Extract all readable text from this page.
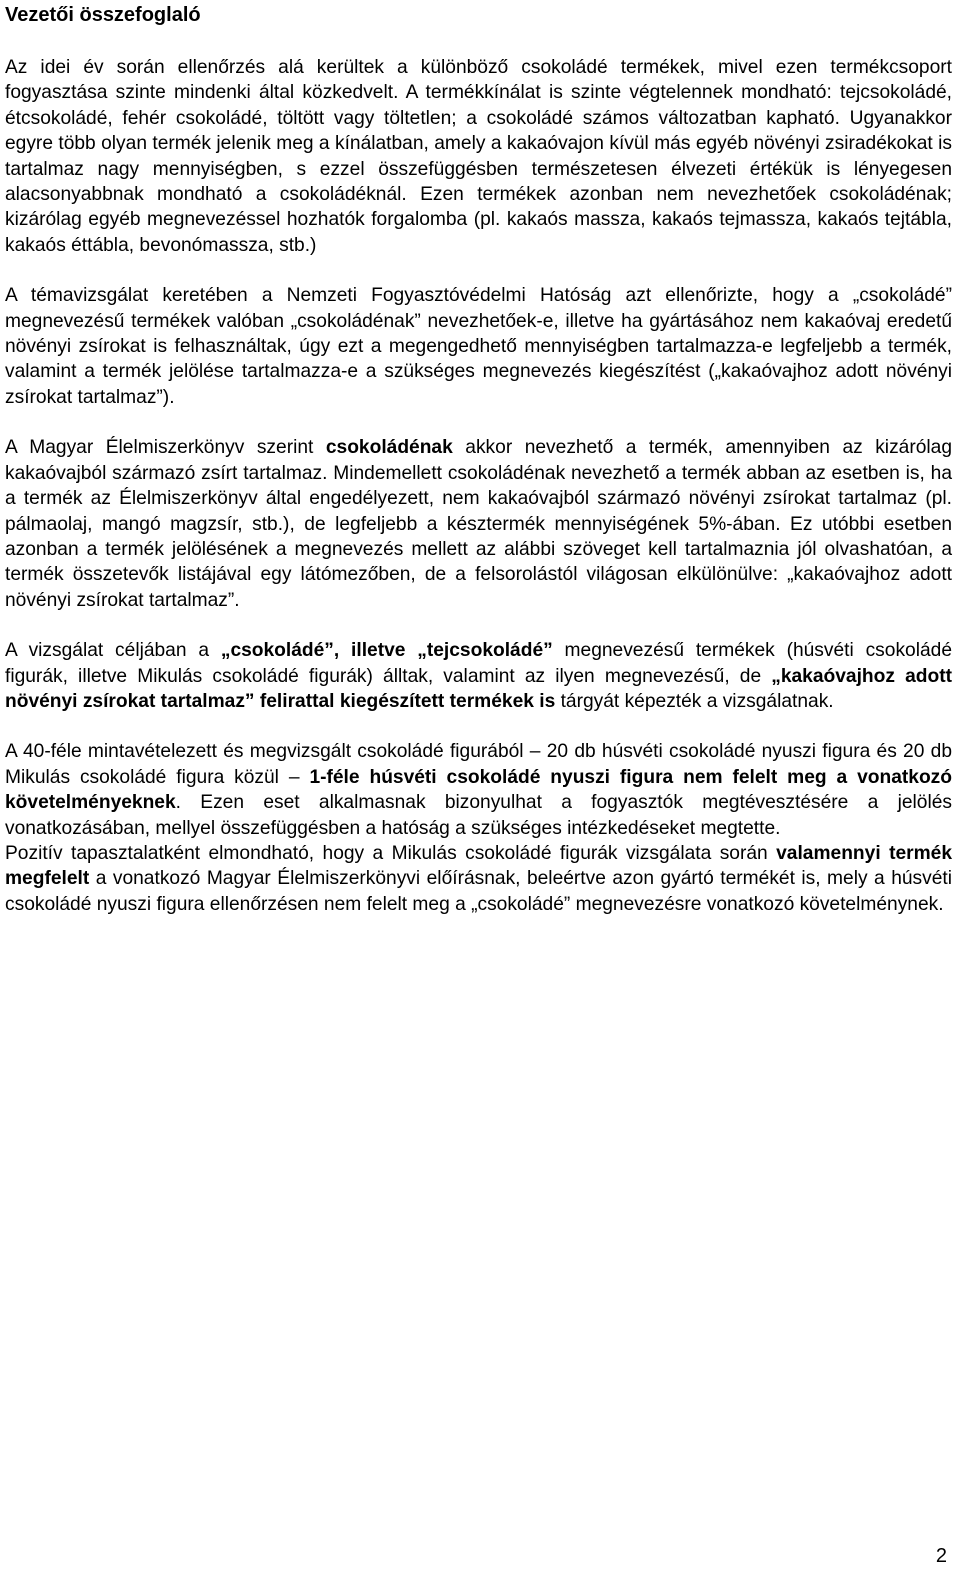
Vezetői összefoglaló

Az idei év során ellenőrzés alá kerültek a különböző csokoládé termékek, mivel ezen termékcsoport fogyasztása szinte mindenki által közkedvelt. A termékkínálat is szinte végtelennek mondható: tejcsokoládé, étcsokoládé, fehér csokoládé, töltött vagy töltetlen; a csokoládé számos változatban kapható. Ugyanakkor egyre több olyan termék jelenik meg a kínálatban, amely a kakaóvajon kívül más egyéb növényi zsiradékokat is tartalmaz nagy mennyiségben, s ezzel összefüggésben természetesen élvezeti értékük is lényegesen alacsonyabbnak mondható a csokoládéknál. Ezen termékek azonban nem nevezhetőek csokoládénak; kizárólag egyéb megnevezéssel hozhatók forgalomba (pl. kakaós massza, kakaós tejmassza, kakaós tejtábla, kakaós éttábla, bevonómassza, stb.)

A témavizsgálat keretében a Nemzeti Fogyasztóvédelmi Hatóság azt ellenőrizte, hogy a „csokoládé” megnevezésű termékek valóban „csokoládénak” nevezhetőek-e, illetve ha gyártásához nem kakaóvaj eredetű növényi zsírokat is felhasználtak, úgy ezt a megengedhető mennyiségben tartalmazza-e legfeljebb a termék, valamint a termék jelölése tartalmazza-e a szükséges megnevezés kiegészítést („kakaóvajhoz adott növényi zsírokat tartalmaz”).

A Magyar Élelmiszerkönyv szerint csokoládénak akkor nevezhető a termék, amennyiben az kizárólag kakaóvajból származó zsírt tartalmaz. Mindemellett csokoládénak nevezhető a termék abban az esetben is, ha a termék az Élelmiszerkönyv által engedélyezett, nem kakaóvajból származó növényi zsírokat tartalmaz (pl. pálmaolaj, mangó magzsír, stb.), de legfeljebb a késztermék mennyiségének 5%-ában. Ez utóbbi esetben azonban a termék jelölésének a megnevezés mellett az alábbi szöveget kell tartalmaznia jól olvashatóan, a termék összetevők listájával egy látómezőben, de a felsorolástól világosan elkülönülve: „kakaóvajhoz adott növényi zsírokat tartalmaz”.

A vizsgálat céljában a „csokoládé”, illetve „tejcsokoládé” megnevezésű termékek (húsvéti csokoládé figurák, illetve Mikulás csokoládé figurák) álltak, valamint az ilyen megnevezésű, de „kakaóvajhoz adott növényi zsírokat tartalmaz” felirattal kiegészített termékek is tárgyát képezték a vizsgálatnak.

A 40-féle mintavételezett és megvizsgált csokoládé figurából – 20 db húsvéti csokoládé nyuszi figura és 20 db Mikulás csokoládé figura közül – 1-féle húsvéti csokoládé nyuszi figura nem felelt meg a vonatkozó követelményeknek. Ezen eset alkalmasnak bizonyulhat a fogyasztók megtévesztésére a jelölés vonatkozásában, mellyel összefüggésben a hatóság a szükséges intézkedéseket megtette.

Pozitív tapasztalatként elmondható, hogy a Mikulás csokoládé figurák vizsgálata során valamennyi termék megfelelt a vonatkozó Magyar Élelmiszerkönyvi előírásnak, beleértve azon gyártó termékét is, mely a húsvéti csokoládé nyuszi figura ellenőrzésen nem felelt meg a „csokoládé” megnevezésre vonatkozó követelménynek.

2
